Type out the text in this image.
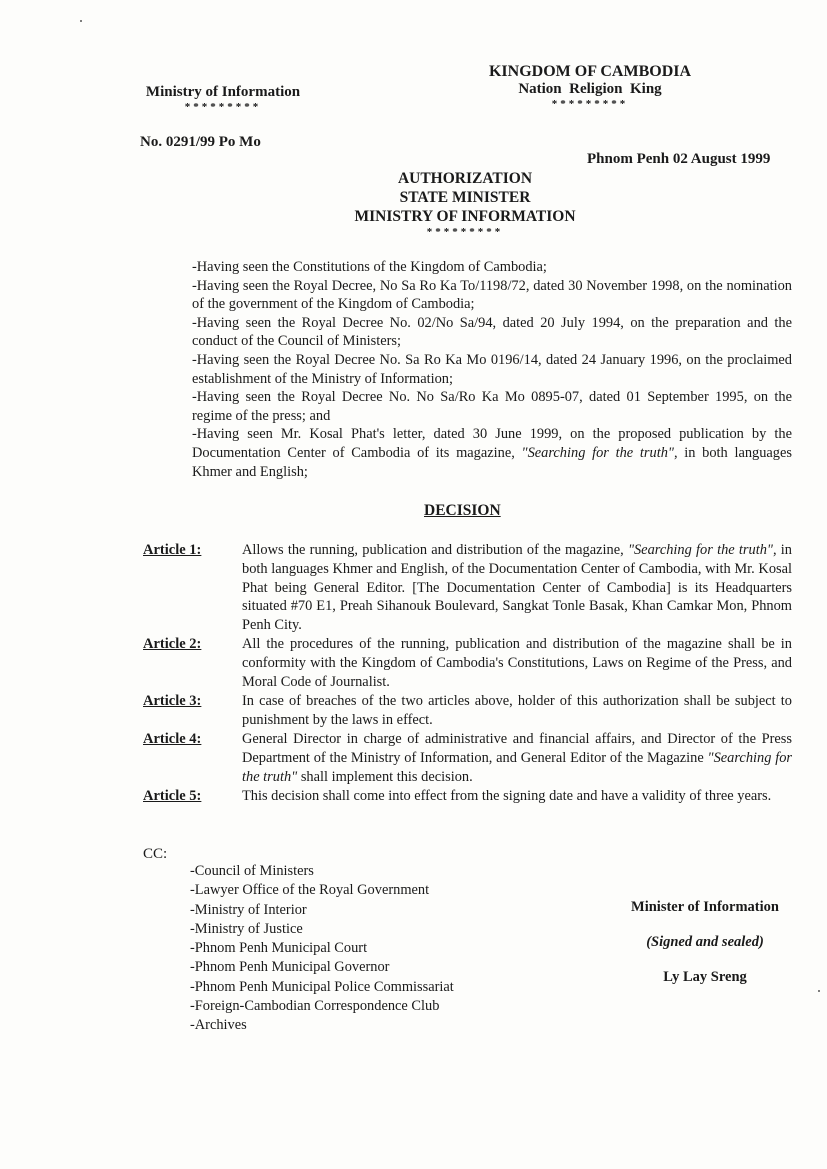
Ministry of Information
*********
KINGDOM OF CAMBODIA
Nation  Religion  King
*********
No. 0291/99 Po Mo
Phnom Penh 02 August 1999
AUTHORIZATION
STATE MINISTER
MINISTRY OF INFORMATION
*********

-Having seen the Constitutions of the Kingdom of Cambodia;

-Having seen the Royal Decree, No Sa Ro Ka To/1198/72, dated 30 November 1998, on the nomination of the government of the Kingdom of Cambodia;

-Having seen the Royal Decree No. 02/No Sa/94, dated 20 July 1994, on the preparation and the conduct of the Council of Ministers;

-Having seen the Royal Decree No. Sa Ro Ka Mo 0196/14, dated 24 January 1996, on the proclaimed establishment of the Ministry of Information;

-Having seen the Royal Decree No. No Sa/Ro Ka Mo 0895-07, dated 01 September 1995, on the regime of the press; and

-Having seen Mr. Kosal Phat's letter, dated 30 June 1999, on the proposed publication by the Documentation Center of Cambodia of its magazine, "Searching for the truth", in both languages Khmer and English;

DECISION
Article 1:	Allows the running, publication and distribution of the magazine, "Searching for the truth", in both languages Khmer and English, of the Documentation Center of Cambodia, with Mr. Kosal Phat being General Editor. [The Documentation Center of Cambodia] is its Headquarters situated #70 E1, Preah Sihanouk Boulevard, Sangkat Tonle Basak, Khan Camkar Mon, Phnom Penh City.
Article 2:	All the procedures of the running, publication and distribution of the magazine shall be in conformity with the Kingdom of Cambodia's Constitutions, Laws on Regime of the Press, and Moral Code of Journalist.
Article 3:	In case of breaches of the two articles above, holder of this authorization shall be subject to punishment by the laws in effect.
Article 4:	General Director in charge of administrative and financial affairs, and Director of the Press Department of the Ministry of Information, and General Editor of the Magazine "Searching for the truth" shall implement this decision.
Article 5:	This decision shall come into effect from the signing date and have a validity of three years.
CC:
-Council of Ministers
-Lawyer Office of the Royal Government
-Ministry of Interior
-Ministry of Justice
-Phnom Penh Municipal Court
-Phnom Penh Municipal Governor
-Phnom Penh Municipal Police Commissariat
-Foreign-Cambodian Correspondence Club
-Archives
Minister of Information
(Signed and sealed)
Ly Lay Sreng
